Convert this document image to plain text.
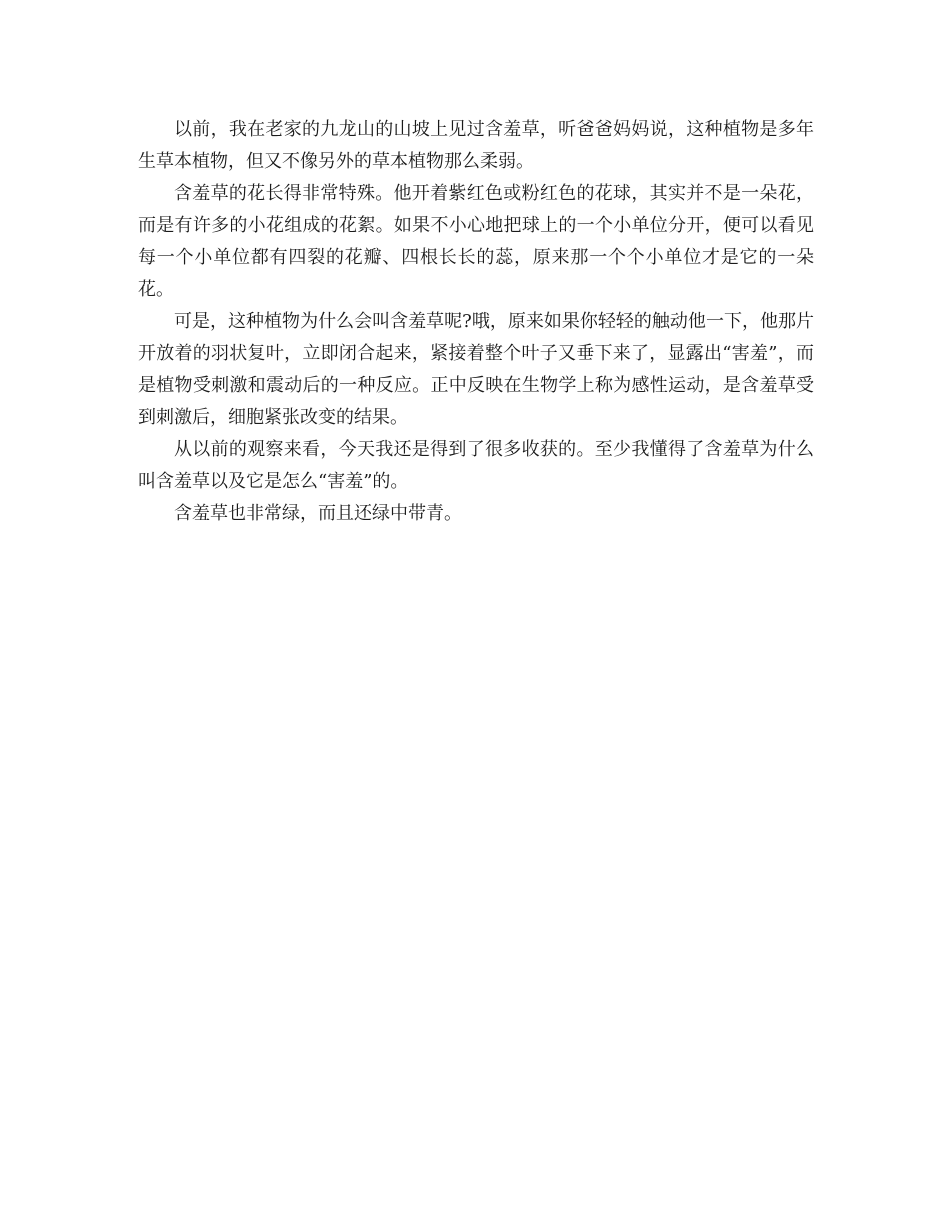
以前，我在老家的九龙山的山坡上见过含羞草，听爸爸妈妈说，这种植物是多年生草本植物，但又不像另外的草本植物那么柔弱。

含羞草的花长得非常特殊。他开着紫红色或粉红色的花球，其实并不是一朵花，而是有许多的小花组成的花絮。如果不小心地把球上的一个小单位分开，便可以看见每一个小单位都有四裂的花瓣、四根长长的蕊，原来那一个个小单位才是它的一朵花。

可是，这种植物为什么会叫含羞草呢?哦，原来如果你轻轻的触动他一下，他那片开放着的羽状复叶，立即闭合起来，紧接着整个叶子又垂下来了，显露出“害羞”，而是植物受刺激和震动后的一种反应。正中反映在生物学上称为感性运动，是含羞草受到刺激后，细胞紧张改变的结果。

从以前的观察来看，今天我还是得到了很多收获的。至少我懂得了含羞草为什么叫含羞草以及它是怎么“害羞”的。

含羞草也非常绿，而且还绿中带青。
